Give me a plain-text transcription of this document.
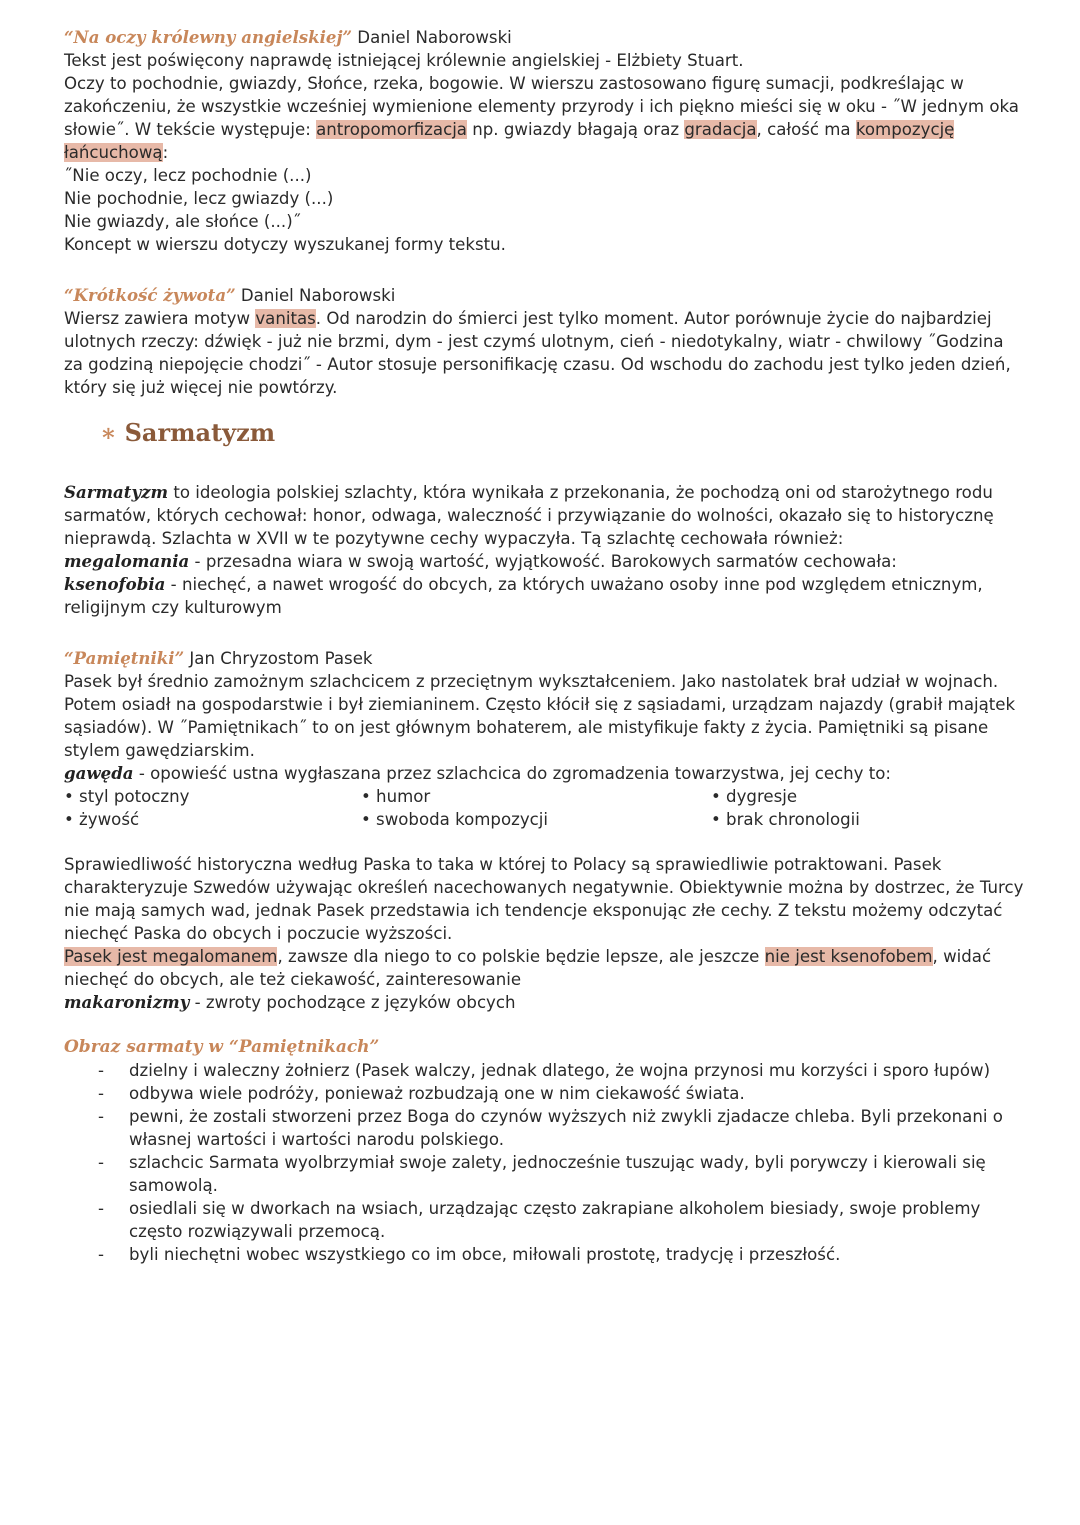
“Na oczy królewny angielskiej” Daniel Naborowski

Tekst jest poświęcony naprawdę istniejącej królewnie angielskiej - Elżbiety Stuart.

Oczy to pochodnie, gwiazdy, Słońce, rzeka, bogowie. W wierszu zastosowano figurę sumacji, podkreślając w zakończeniu, że wszystkie wcześniej wymienione elementy przyrody i ich piękno mieści się w oku - ˝W jednym oka słowie˝. W tekście występuje: antropomorfizacja np. gwiazdy błagają oraz gradacja, całość ma kompozycję łańcuchową:

˝Nie oczy, lecz pochodnie (...)

Nie pochodnie, lecz gwiazdy (...)

Nie gwiazdy, ale słońce (...)˝

Koncept w wierszu dotyczy wyszukanej formy tekstu.

“Krótkość żywota” Daniel Naborowski

Wiersz zawiera motyw vanitas. Od narodzin do śmierci jest tylko moment. Autor porównuje życie do najbardziej ulotnych rzeczy: dźwięk - już nie brzmi, dym - jest czymś ulotnym, cień - niedotykalny, wiatr - chwilowy ˝Godzina za godziną niepojęcie chodzi˝ - Autor stosuje personifikację czasu. Od wschodu do zachodu jest tylko jeden dzień, który się już więcej nie powtórzy.

∗ Sarmatyzm

Sarmatyzm to ideologia polskiej szlachty, która wynikała z przekonania, że pochodzą oni od starożytnego rodu sarmatów, których cechował: honor, odwaga, waleczność i przywiązanie do wolności, okazało się to historycznę nieprawdą. Szlachta w XVII w te pozytywne cechy wypaczyła. Tą szlachtę cechowała również:

megalomania - przesadna wiara w swoją wartość, wyjątkowość. Barokowych sarmatów cechowała:

ksenofobia - niechęć, a nawet wrogość do obcych, za których uważano osoby inne pod względem etnicznym, religijnym czy kulturowym

“Pamiętniki” Jan Chryzostom Pasek

Pasek był średnio zamożnym szlachcicem z przeciętnym wykształceniem. Jako nastolatek brał udział w wojnach. Potem osiadł na gospodarstwie i był ziemianinem. Często kłócił się z sąsiadami, urządzam najazdy (grabił majątek sąsiadów). W ˝Pamiętnikach˝ to on jest głównym bohaterem, ale mistyfikuje fakty z życia. Pamiętniki są pisane stylem gawędziarskim.

gawęda - opowieść ustna wygłaszana przez szlachcica do zgromadzenia towarzystwa, jej cechy to:

• styl potoczny
• żywość
• humor
• swoboda kompozycji
• dygresje
• brak chronologii

Sprawiedliwość historyczna według Paska to taka w której to Polacy są sprawiedliwie potraktowani. Pasek charakteryzuje Szwedów używając określeń nacechowanych negatywnie. Obiektywnie można by dostrzec, że Turcy nie mają samych wad, jednak Pasek przedstawia ich tendencje eksponując złe cechy. Z tekstu możemy odczytać niechęć Paska do obcych i poczucie wyższości.

Pasek jest megalomanem, zawsze dla niego to co polskie będzie lepsze, ale jeszcze nie jest ksenofobem, widać niechęć do obcych, ale też ciekawość, zainteresowanie

makaronizmy - zwroty pochodzące z języków obcych

Obraz sarmaty w “Pamiętnikach”

- dzielny i waleczny żołnierz (Pasek walczy, jednak dlatego, że wojna przynosi mu korzyści i sporo łupów)
- odbywa wiele podróży, ponieważ rozbudzają one w nim ciekawość świata.
- pewni, że zostali stworzeni przez Boga do czynów wyższych niż zwykli zjadacze chleba. Byli przekonani o własnej wartości i wartości narodu polskiego.
- szlachcic Sarmata wyolbrzymiał swoje zalety, jednocześnie tuszując wady, byli porywczy i kierowali się samowolą.
- osiedlali się w dworkach na wsiach, urządzając często zakrapiane alkoholem biesiady, swoje problemy często rozwiązywali przemocą.
- byli niechętni wobec wszystkiego co im obce, miłowali prostotę, tradycję i przeszłość.
